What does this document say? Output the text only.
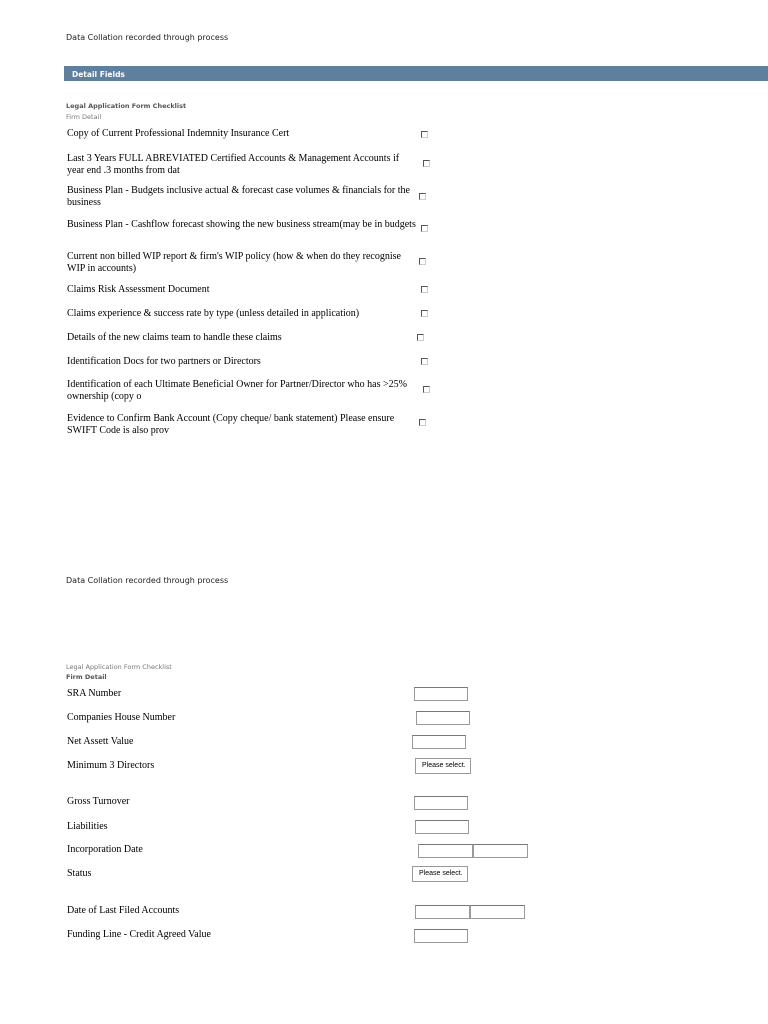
Data Collation recorded through process
Detail Fields
Legal Application Form Checklist
Firm Detail
Copy of Current Professional Indemnity Insurance Cert
Last 3 Years FULL ABREVIATED Certified Accounts & Management Accounts if year end .3 months from dat
Business Plan - Budgets inclusive actual & forecast case volumes & financials for the business
Business Plan - Cashflow forecast showing the new business stream(may be in budgets
Current non billed WIP report & firm's WIP policy (how & when do they recognise WIP in accounts)
Claims Risk Assessment Document
Claims experience & success rate by type (unless detailed in application)
Details of the new claims team to handle these claims
Identification Docs for two partners or Directors
Identification of each Ultimate Beneficial Owner for Partner/Director who has >25% ownership (copy o
Evidence to Confirm Bank Account (Copy cheque/ bank statement) Please ensure SWIFT Code is also prov
Data Collation recorded through process
Legal Application Form Checklist
Firm Detail
SRA Number
Companies House Number
Net Assett Value
Minimum 3 Directors	Please select.
Gross Turnover
Liabilities
Incorporation Date
Status	Please select.
Date of Last Filed Accounts
Funding Line - Credit Agreed Value
